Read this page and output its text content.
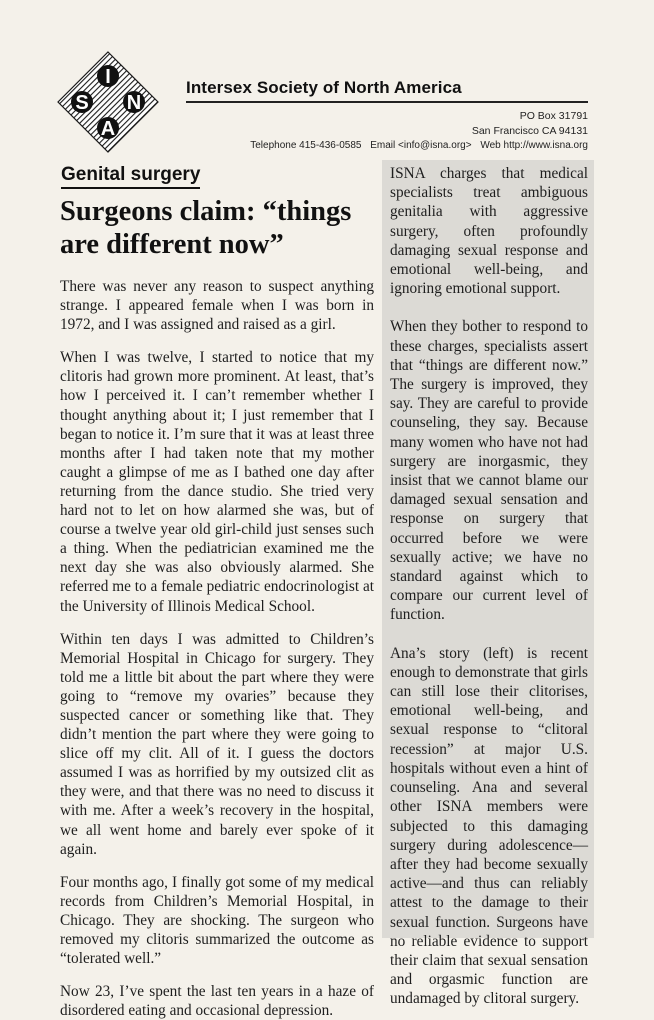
I
S N
A
Intersex Society of North America
PO Box 31791
San Francisco CA 94131
Telephone 415-436-0585 Email <info@isna.org> Web http://www.isna.org
Genital surgery
Surgeons claim: “things are different now”

There was never any reason to suspect anything strange. I appeared female when I was born in 1972, and I was assigned and raised as a girl.

When I was twelve, I started to notice that my clitoris had grown more prominent. At least, that’s how I perceived it. I can’t remember whether I thought anything about it; I just remember that I began to notice it. I’m sure that it was at least three months after I had taken note that my mother caught a glimpse of me as I bathed one day after returning from the dance studio. She tried very hard not to let on how alarmed she was, but of course a twelve year old girl-child just senses such a thing. When the pediatrician examined me the next day she was also obviously alarmed. She referred me to a female pediatric endocrinologist at the University of Illinois Medical School.

Within ten days I was admitted to Children’s Memorial Hospital in Chicago for surgery. They told me a little bit about the part where they were going to “remove my ovaries” because they suspected cancer or something like that. They didn’t mention the part where they were going to slice off my clit. All of it. I guess the doctors assumed I was as horrified by my outsized clit as they were, and that there was no need to discuss it with me. After a week’s recovery in the hospital, we all went home and barely ever spoke of it again.

Four months ago, I finally got some of my medical records from Children’s Memorial Hospital, in Chicago. They are shocking. The surgeon who removed my clitoris summarized the outcome as “tolerated well.”

Now 23, I’ve spent the last ten years in a haze of disordered eating and occasional depression.

ISNA charges that medical specialists treat ambiguous genitalia with aggressive surgery, often profoundly damaging sexual response and emotional well-being, and ignoring emotional support.

When they bother to respond to these charges, specialists assert that “things are different now.” The surgery is improved, they say. They are careful to provide counseling, they say. Because many women who have not had surgery are inorgasmic, they insist that we cannot blame our damaged sexual sensation and response on surgery that occurred before we were sexually active; we have no standard against which to compare our current level of function.

Ana’s story (left) is recent enough to demonstrate that girls can still lose their clitorises, emotional well-being, and sexual response to “clitoral recession” at major U.S. hospitals without even a hint of counseling. Ana and several other ISNA members were subjected to this damaging surgery during adolescence—after they had become sexually active—and thus can reliably attest to the damage to their sexual function. Surgeons have no reliable evidence to support their claim that sexual sensation and orgasmic function are undamaged by clitoral surgery.
